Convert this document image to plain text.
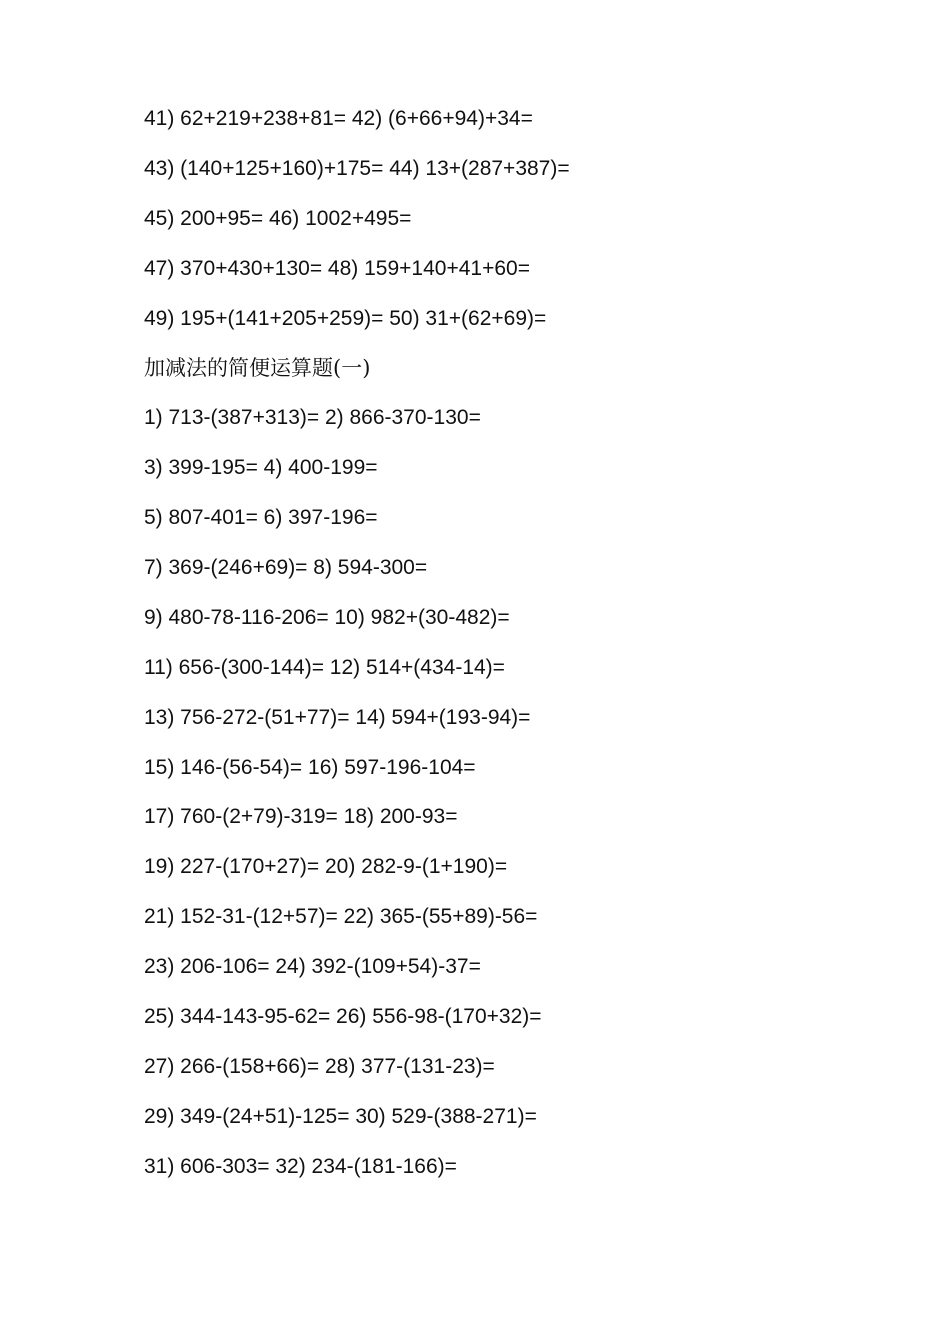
41) 62+219+238+81= 42) (6+66+94)+34=
43) (140+125+160)+175= 44) 13+(287+387)=
45) 200+95= 46) 1002+495=
47) 370+430+130= 48) 159+140+41+60=
49) 195+(141+205+259)= 50) 31+(62+69)=
加减法的简便运算题(一)
1) 713-(387+313)= 2) 866-370-130=
3) 399-195= 4) 400-199=
5) 807-401= 6) 397-196=
7) 369-(246+69)= 8) 594-300=
9) 480-78-116-206= 10) 982+(30-482)=
11) 656-(300-144)= 12) 514+(434-14)=
13) 756-272-(51+77)= 14) 594+(193-94)=
15) 146-(56-54)= 16) 597-196-104=
17) 760-(2+79)-319= 18) 200-93=
19) 227-(170+27)= 20) 282-9-(1+190)=
21) 152-31-(12+57)= 22) 365-(55+89)-56=
23) 206-106= 24) 392-(109+54)-37=
25) 344-143-95-62= 26) 556-98-(170+32)=
27) 266-(158+66)= 28) 377-(131-23)=
29) 349-(24+51)-125= 30) 529-(388-271)=
31) 606-303= 32) 234-(181-166)=
